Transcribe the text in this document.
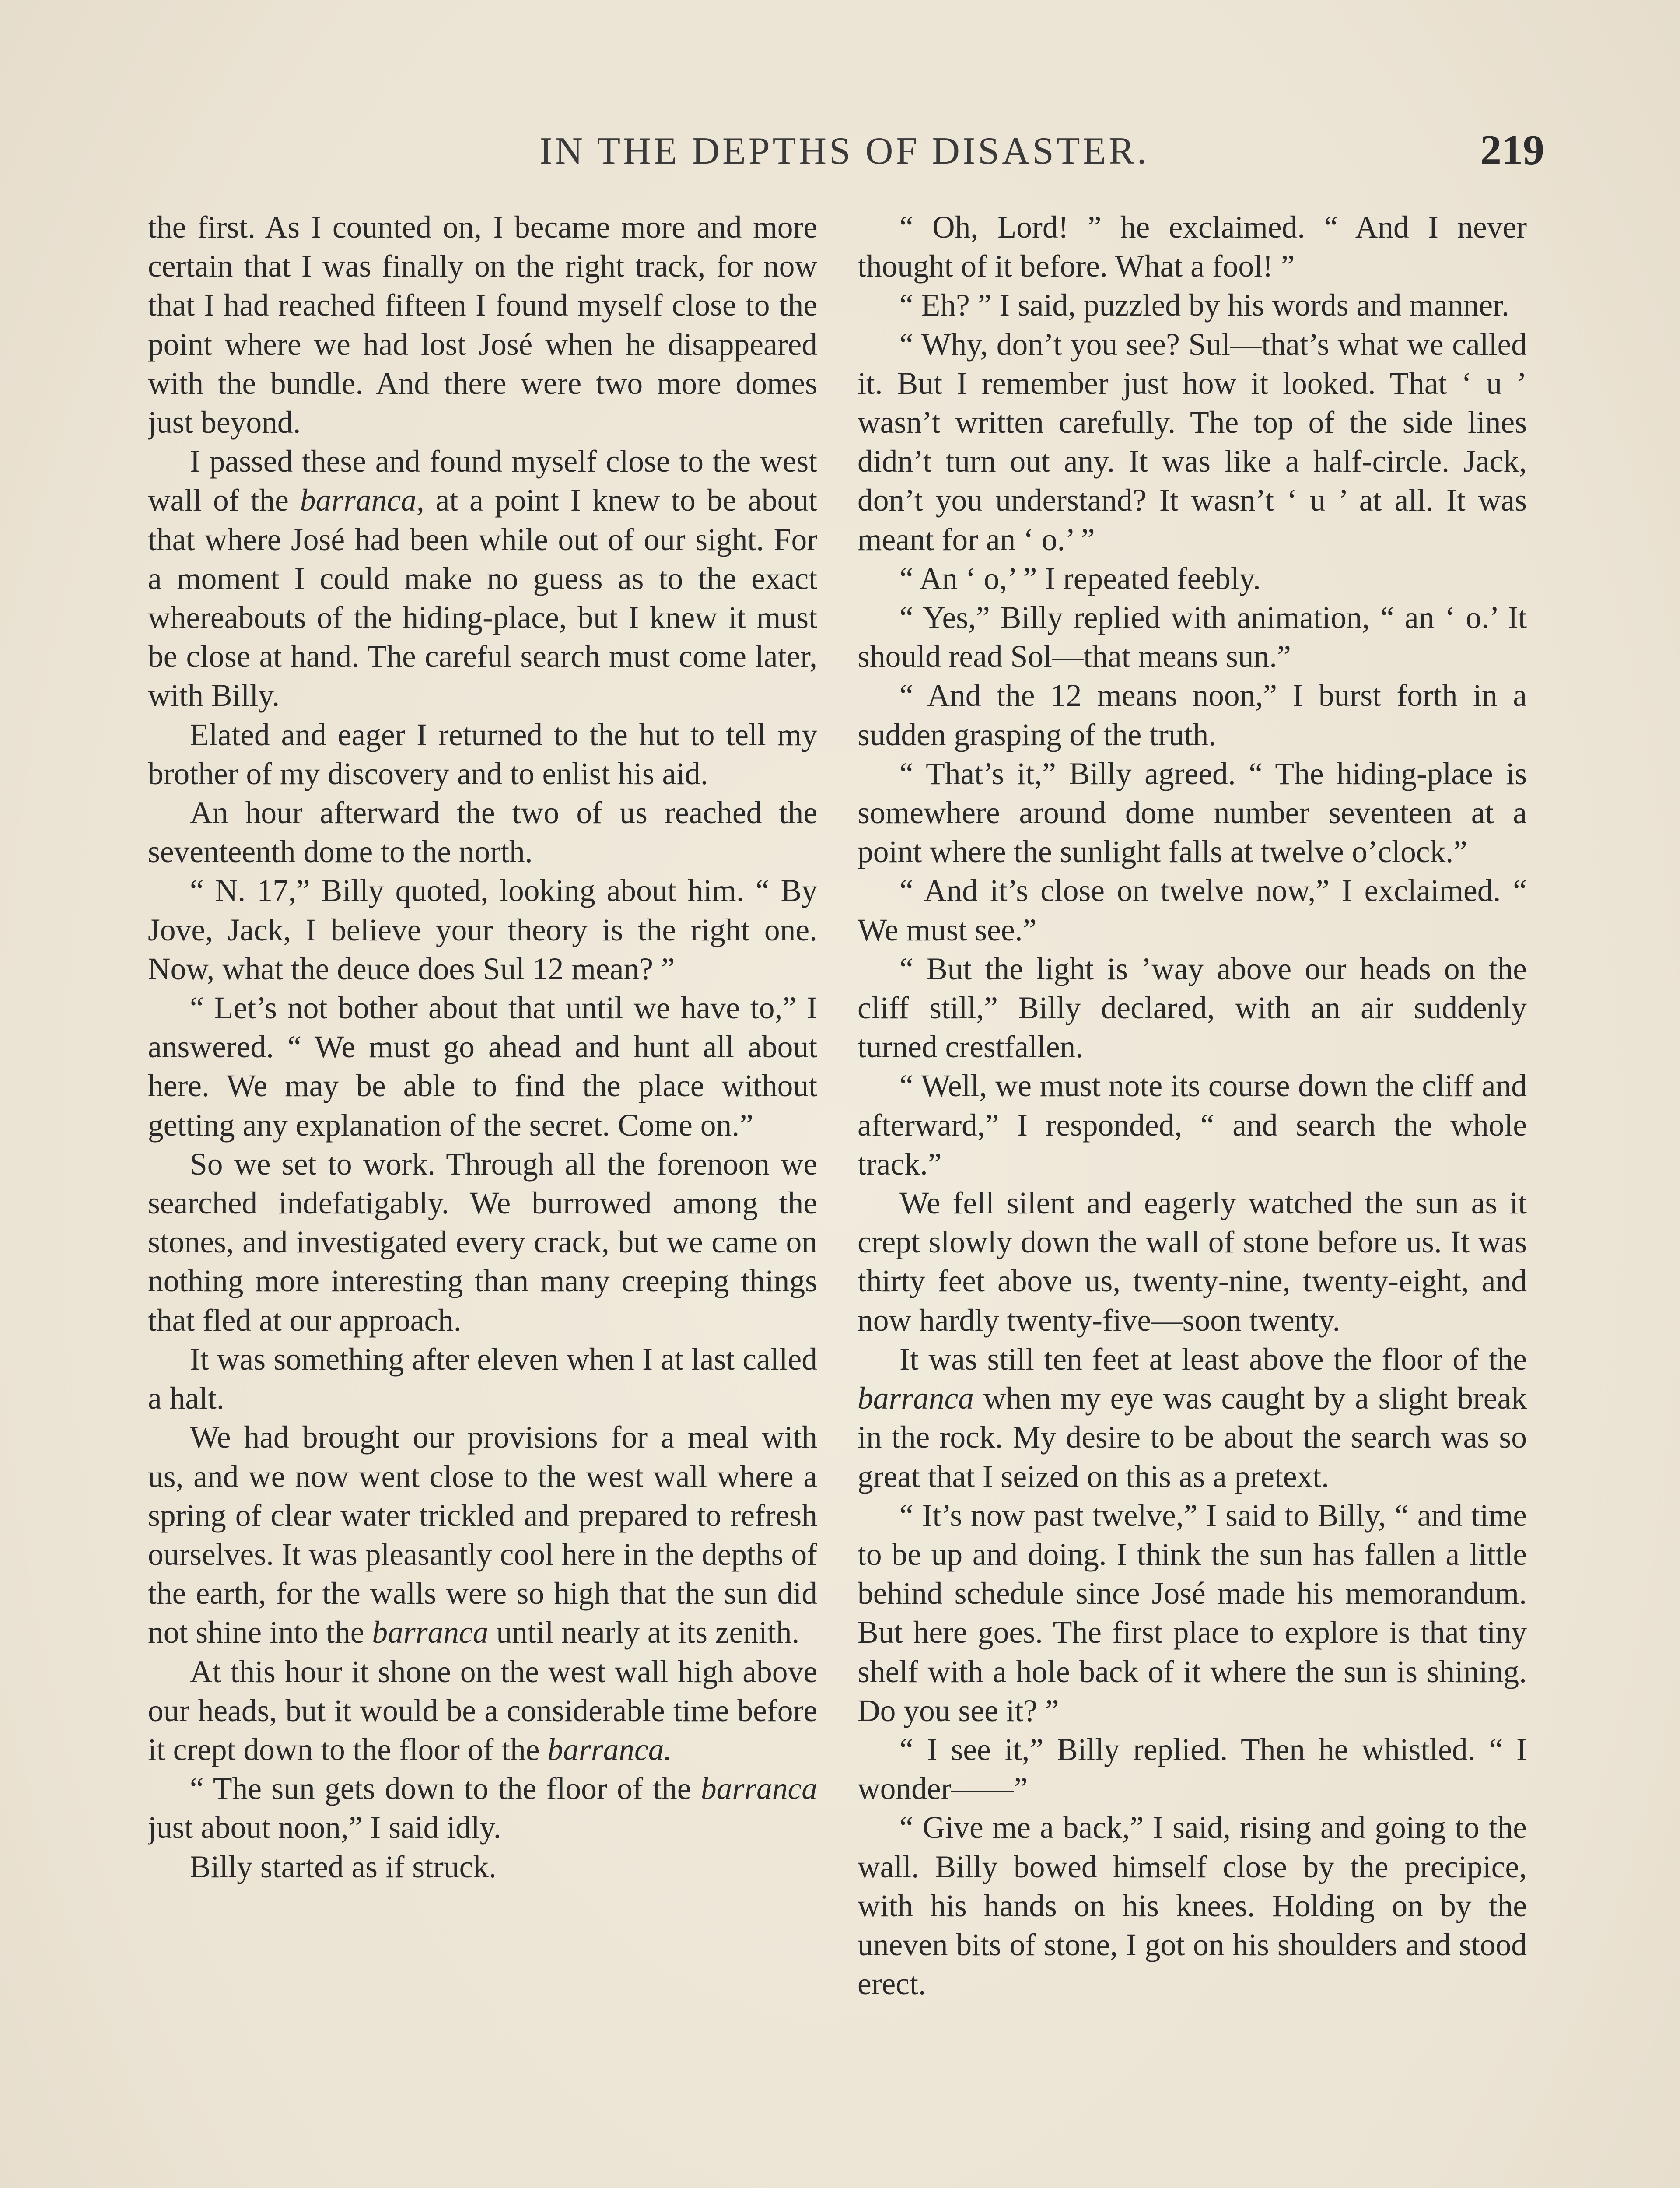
IN THE DEPTHS OF DISASTER.	219

the first. As I counted on, I became more and more certain that I was finally on the right track, for now that I had reached fifteen I found myself close to the point where we had lost José when he disappeared with the bundle. And there were two more domes just beyond.

I passed these and found myself close to the west wall of the barranca, at a point I knew to be about that where José had been while out of our sight. For a moment I could make no guess as to the exact whereabouts of the hiding-place, but I knew it must be close at hand. The careful search must come later, with Billy.

Elated and eager I returned to the hut to tell my brother of my discovery and to enlist his aid.

An hour afterward the two of us reached the seventeenth dome to the north.

“ N. 17,” Billy quoted, looking about him. “ By Jove, Jack, I believe your theory is the right one. Now, what the deuce does Sul 12 mean? ”

“ Let’s not bother about that until we have to,” I answered. “ We must go ahead and hunt all about here. We may be able to find the place without getting any explanation of the secret. Come on.”

So we set to work. Through all the forenoon we searched indefatigably. We burrowed among the stones, and investigated every crack, but we came on nothing more interesting than many creeping things that fled at our approach.

It was something after eleven when I at last called a halt.

We had brought our provisions for a meal with us, and we now went close to the west wall where a spring of clear water trickled and prepared to refresh ourselves. It was pleasantly cool here in the depths of the earth, for the walls were so high that the sun did not shine into the barranca until nearly at its zenith.

At this hour it shone on the west wall high above our heads, but it would be a considerable time before it crept down to the floor of the barranca.

“ The sun gets down to the floor of the barranca just about noon,” I said idly.

Billy started as if struck.

“ Oh, Lord! ” he exclaimed. “ And I never thought of it before. What a fool! ”

“ Eh? ” I said, puzzled by his words and manner.

“ Why, don’t you see? Sul—that’s what we called it. But I remember just how it looked. That ‘ u ’ wasn’t written carefully. The top of the side lines didn’t turn out any. It was like a half-circle. Jack, don’t you understand? It wasn’t ‘ u ’ at all. It was meant for an ‘ o.’ ”

“ An ‘ o,’ ” I repeated feebly.

“ Yes,” Billy replied with animation, “ an ‘ o.’ It should read Sol—that means sun.”

“ And the 12 means noon,” I burst forth in a sudden grasping of the truth.

“ That’s it,” Billy agreed. “ The hiding-place is somewhere around dome number seventeen at a point where the sunlight falls at twelve o’clock.”

“ And it’s close on twelve now,” I exclaimed. “ We must see.”

“ But the light is ’way above our heads on the cliff still,” Billy declared, with an air suddenly turned crestfallen.

“ Well, we must note its course down the cliff and afterward,” I responded, “ and search the whole track.”

We fell silent and eagerly watched the sun as it crept slowly down the wall of stone before us. It was thirty feet above us, twenty-nine, twenty-eight, and now hardly twenty-five—soon twenty.

It was still ten feet at least above the floor of the barranca when my eye was caught by a slight break in the rock. My desire to be about the search was so great that I seized on this as a pretext.

“ It’s now past twelve,” I said to Billy, “ and time to be up and doing. I think the sun has fallen a little behind schedule since José made his memorandum. But here goes. The first place to explore is that tiny shelf with a hole back of it where the sun is shining. Do you see it? ”

“ I see it,” Billy replied. Then he whistled. “ I wonder——”

“ Give me a back,” I said, rising and going to the wall. Billy bowed himself close by the precipice, with his hands on his knees. Holding on by the uneven bits of stone, I got on his shoulders and stood erect.
